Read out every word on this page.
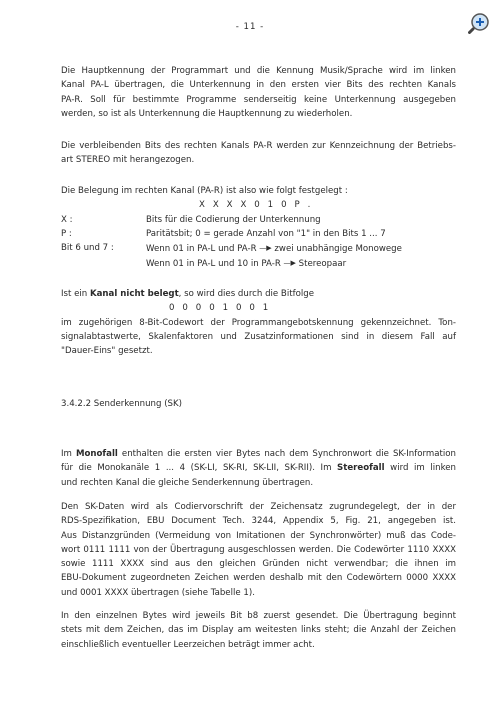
- 11 -
Die Hauptkennung der Programmart und die Kennung Musik/Sprache wird im linken
Kanal PA-L übertragen, die Unterkennung in den ersten vier Bits des rechten Kanals
PA-R. Soll für bestimmte Programme senderseitig keine Unterkennung ausgegeben
werden, so ist als Unterkennung die Hauptkennung zu wiederholen.
Die verbleibenden Bits des rechten Kanals PA-R werden zur Kennzeichnung der Betriebs-
art STEREO mit herangezogen.
Die Belegung im rechten Kanal (PA-R) ist also wie folgt festgelegt :
X X X X 0 1 0 P .
X :	Bits für die Codierung der Unterkennung
P :	Paritätsbit; 0 = gerade Anzahl von "1" in den Bits 1 ... 7
Bit 6 und 7 :	Wenn 01 in PA-L und PA-R —▶ zwei unabhängige Monowege
Wenn 01 in PA-L und 10 in PA-R —▶ Stereopaar
Ist ein Kanal nicht belegt, so wird dies durch die Bitfolge
0 0 0 0 1 0 0 1
im zugehörigen 8-Bit-Codewort der Programmangebotskennung gekennzeichnet. Ton-
signalabtastwerte, Skalenfaktoren und Zusatzinformationen sind in diesem Fall auf
"Dauer-Eins" gesetzt.
3.4.2.2 Senderkennung (SK)
Im Monofall enthalten die ersten vier Bytes nach dem Synchronwort die SK-Information
für die Monokanäle 1 ... 4 (SK-LI, SK-RI, SK-LII, SK-RII). Im Stereofall wird im linken
und rechten Kanal die gleiche Senderkennung übertragen.
Den SK-Daten wird als Codiervorschrift der Zeichensatz zugrundegelegt, der in der
RDS-Spezifikation, EBU Document Tech. 3244, Appendix 5, Fig. 21, angegeben ist.
Aus Distanzgründen (Vermeidung von Imitationen der Synchronwörter) muß das Code-
wort 0111 1111 von der Übertragung ausgeschlossen werden. Die Codewörter 1110 XXXX
sowie 1111 XXXX sind aus den gleichen Gründen nicht verwendbar; die ihnen im
EBU-Dokument zugeordneten Zeichen werden deshalb mit den Codewörtern 0000 XXXX
und 0001 XXXX übertragen (siehe Tabelle 1).
In den einzelnen Bytes wird jeweils Bit b8 zuerst gesendet. Die Übertragung beginnt
stets mit dem Zeichen, das im Display am weitesten links steht; die Anzahl der Zeichen
einschließlich eventueller Leerzeichen beträgt immer acht.
